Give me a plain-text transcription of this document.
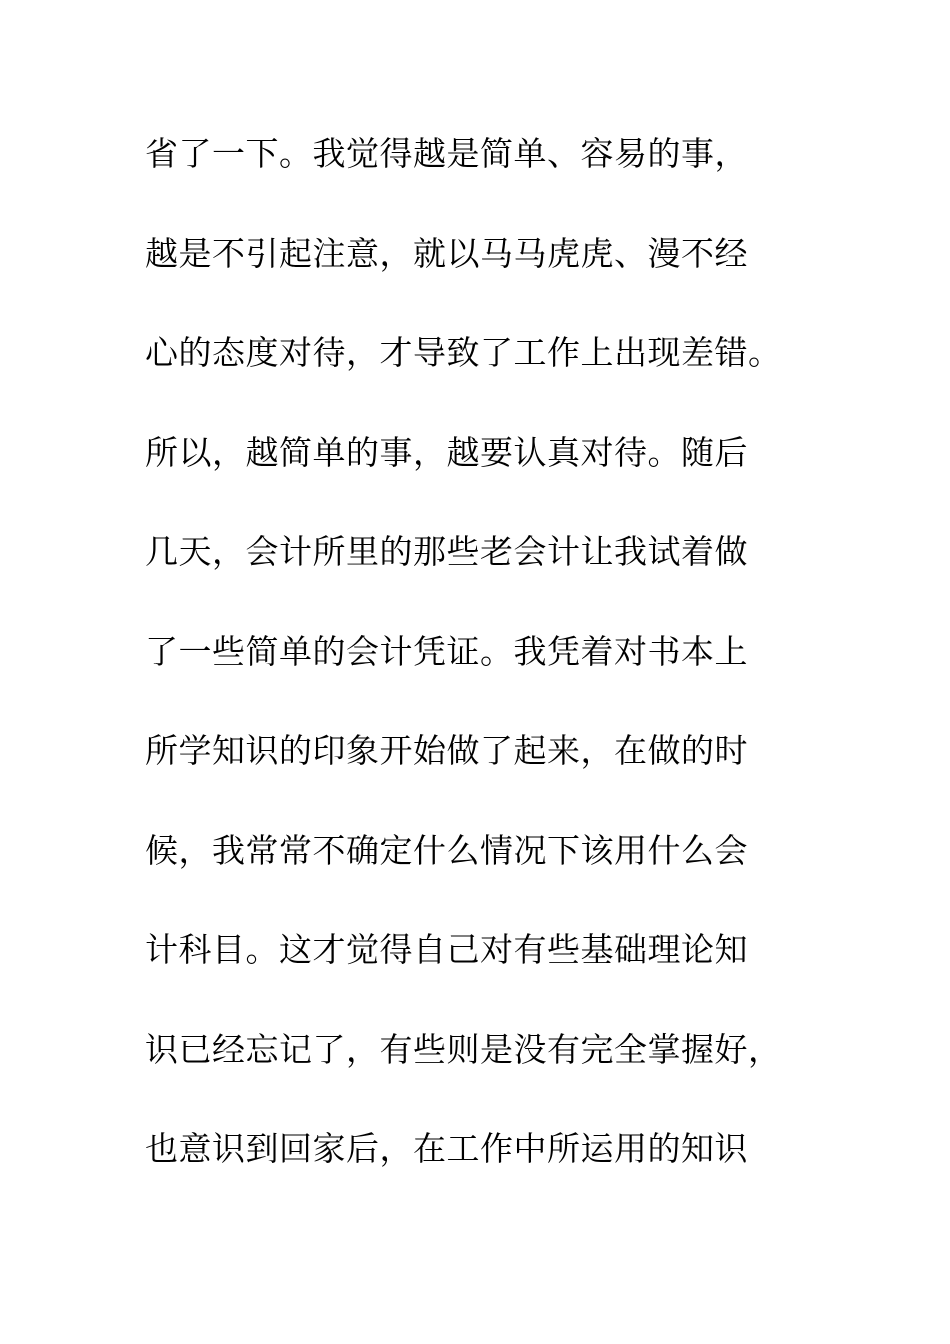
省了一下。我觉得越是简单、容易的事，
越是不引起注意，就以马马虎虎、漫不经
心的态度对待，才导致了工作上出现差错。
所以，越简单的事，越要认真对待。随后
几天，会计所里的那些老会计让我试着做
了一些简单的会计凭证。我凭着对书本上
所学知识的印象开始做了起来，在做的时
候，我常常不确定什么情况下该用什么会
计科目。这才觉得自己对有些基础理论知
识已经忘记了，有些则是没有完全掌握好，
也意识到回家后，在工作中所运用的知识
